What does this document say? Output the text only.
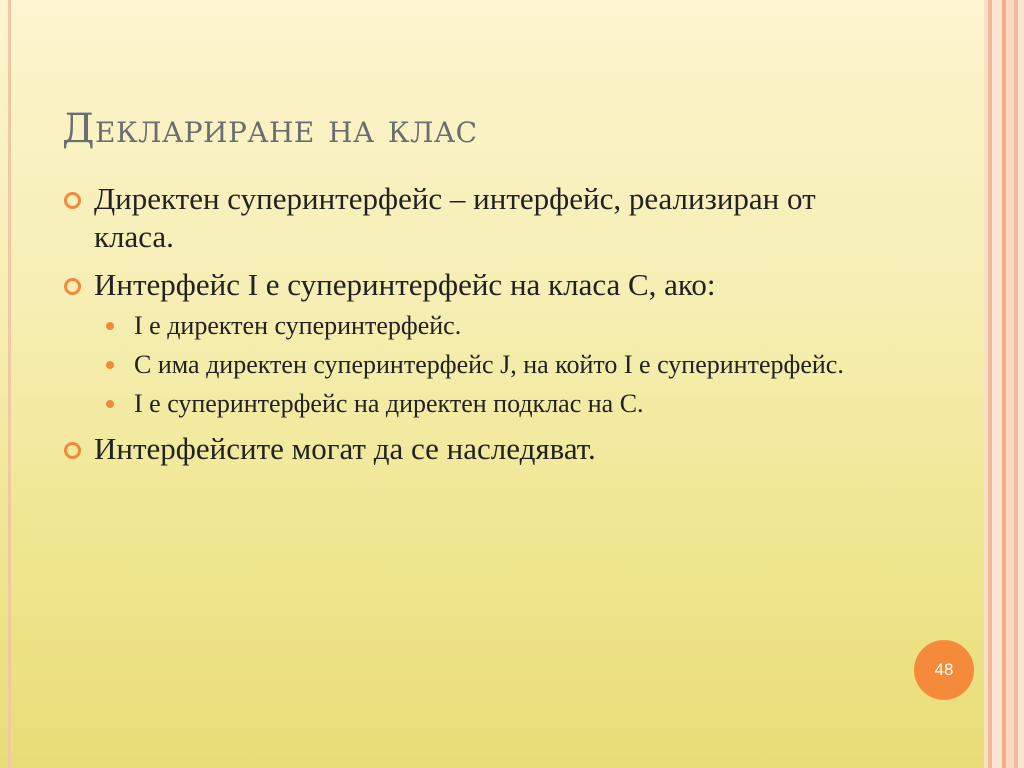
Деклариране на клас
Директен суперинтерфейс – интерфейс, реализиран от класа.
Интерфейс I е суперинтерфейс на класа C, ако:
I е директен суперинтерфейс.
C има директен суперинтерфейс J, на който I е суперинтерфейс.
I е суперинтерфейс на директен подклас на C.
Интерфейсите могат да се наследяват.
48
